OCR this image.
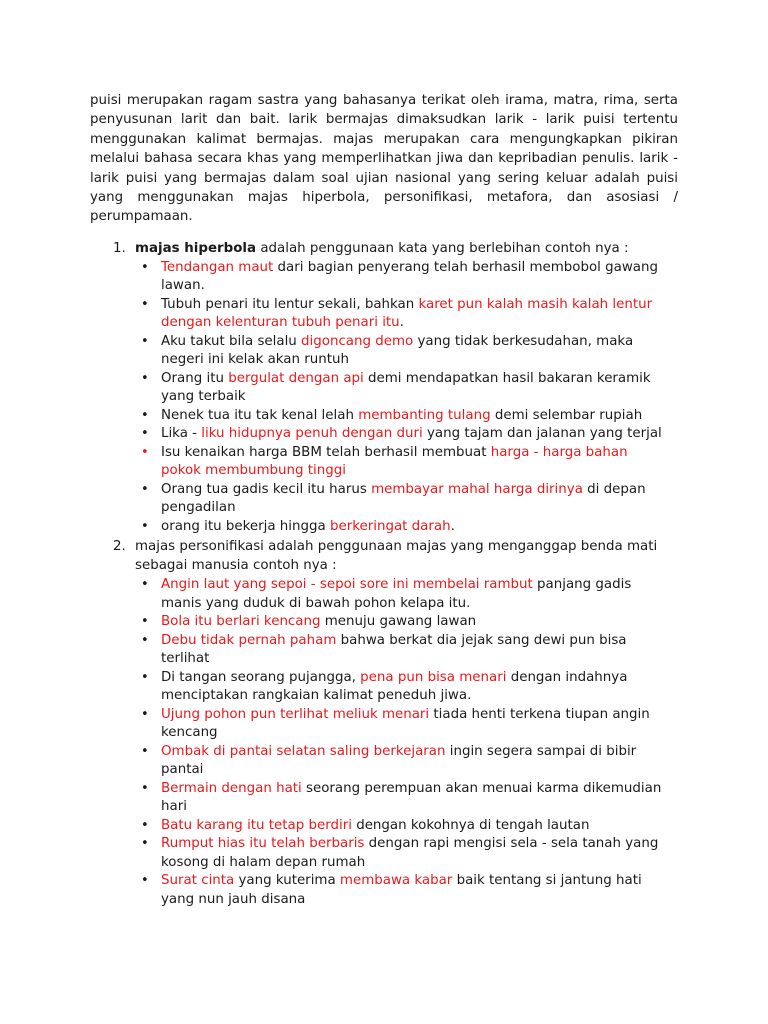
puisi merupakan ragam sastra yang bahasanya terikat oleh irama, matra, rima, serta penyusunan larit dan bait. larik bermajas dimaksudkan larik - larik puisi tertentu menggunakan kalimat bermajas. majas merupakan cara mengungkapkan pikiran melalui bahasa secara khas yang memperlihatkan jiwa dan kepribadian penulis. larik - larik puisi yang bermajas dalam soal ujian nasional yang sering keluar adalah puisi yang menggunakan majas hiperbola, personifikasi, metafora, dan asosiasi / perumpamaan.

1. majas hiperbola adalah penggunaan kata yang berlebihan contoh nya :
• Tendangan maut dari bagian penyerang telah berhasil membobol gawang lawan.
• Tubuh penari itu lentur sekali, bahkan karet pun kalah masih kalah lentur dengan kelenturan tubuh penari itu.
• Aku takut bila selalu digoncang demo yang tidak berkesudahan, maka negeri ini kelak akan runtuh
• Orang itu bergulat dengan api demi mendapatkan hasil bakaran keramik yang terbaik
• Nenek tua itu tak kenal lelah membanting tulang demi selembar rupiah
• Lika - liku hidupnya penuh dengan duri yang tajam dan jalanan yang terjal
• Isu kenaikan harga BBM telah berhasil membuat harga - harga bahan pokok membumbung tinggi
• Orang tua gadis kecil itu harus membayar mahal harga dirinya di depan pengadilan
• orang itu bekerja hingga berkeringat darah.
2. majas personifikasi adalah penggunaan majas yang menganggap benda mati sebagai manusia contoh nya :
• Angin laut yang sepoi - sepoi sore ini membelai rambut panjang gadis manis yang duduk di bawah pohon kelapa itu.
• Bola itu berlari kencang menuju gawang lawan
• Debu tidak pernah paham bahwa berkat dia jejak sang dewi pun bisa terlihat
• Di tangan seorang pujangga, pena pun bisa menari dengan indahnya menciptakan rangkaian kalimat peneduh jiwa.
• Ujung pohon pun terlihat meliuk menari tiada henti terkena tiupan angin kencang
• Ombak di pantai selatan saling berkejaran ingin segera sampai di bibir pantai
• Bermain dengan hati seorang perempuan akan menuai karma dikemudian hari
• Batu karang itu tetap berdiri dengan kokohnya di tengah lautan
• Rumput hias itu telah berbaris dengan rapi mengisi sela - sela tanah yang kosong di halam depan rumah
• Surat cinta yang kuterima membawa kabar baik tentang si jantung hati yang nun jauh disana
